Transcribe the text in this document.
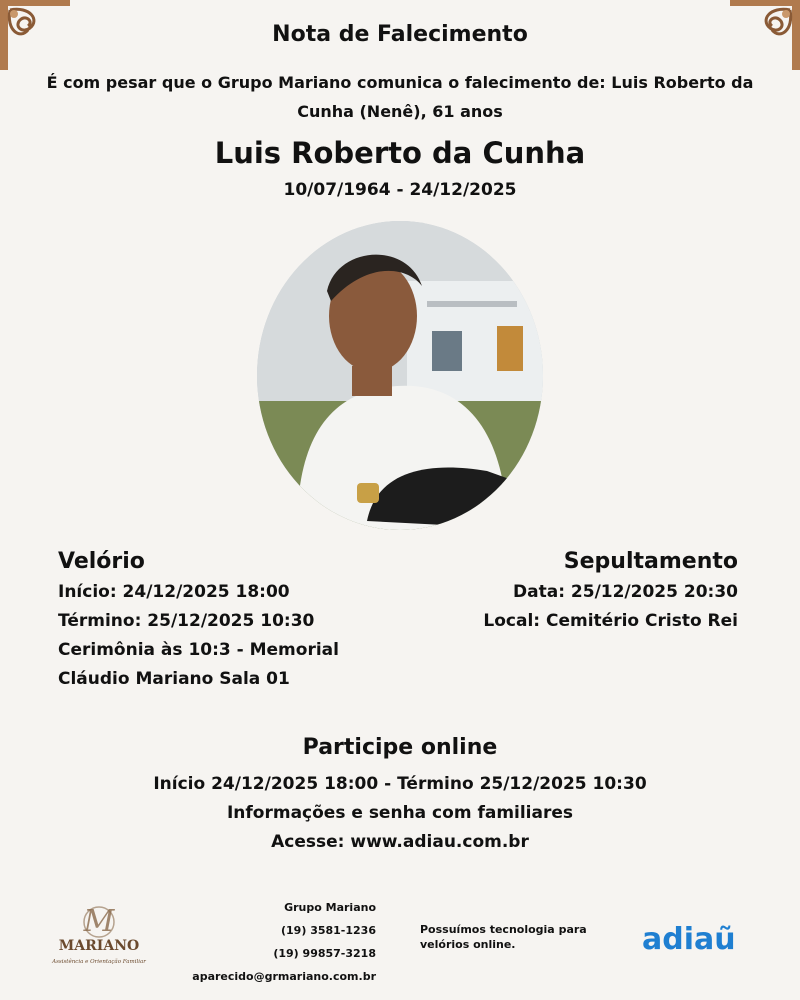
Nota de Falecimento
É com pesar que o Grupo Mariano comunica o falecimento de: Luis Roberto da Cunha (Nenê), 61 anos
Luis Roberto da Cunha
10/07/1964 - 24/12/2025
Velório
Início: 24/12/2025 18:00
Término: 25/12/2025 10:30
Cerimônia às 10:3 - Memorial Cláudio Mariano Sala 01
Sepultamento
Data: 25/12/2025 20:30
Local: Cemitério Cristo Rei
Participe online
Início 24/12/2025 18:00 - Término 25/12/2025 10:30
Informações e senha com familiares
Acesse: www.adiau.com.br
M
MARIANO
Assistência e Orientação Familiar
Grupo Mariano
(19) 3581-1236
(19) 99857-3218
aparecido@grmariano.com.br
Possuímos tecnologia para velórios online.	adiaũ
